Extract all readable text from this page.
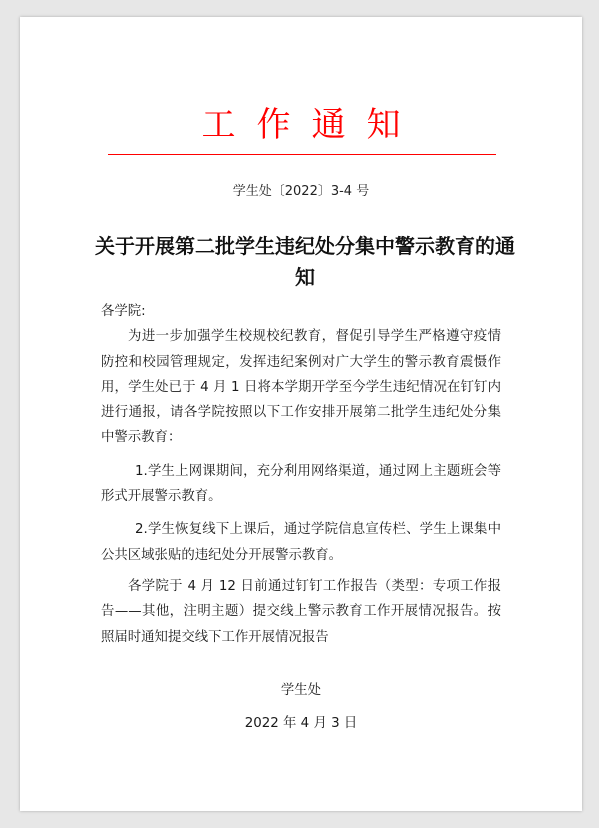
工作通知
学生处〔2022〕3-4 号
关于开展第二批学生违纪处分集中警示教育的通知

各学院:

为进一步加强学生校规校纪教育，督促引导学生严格遵守疫情防控和校园管理规定，发挥违纪案例对广大学生的警示教育震慑作用，学生处已于 4 月 1 日将本学期开学至今学生违纪情况在钉钉内进行通报，请各学院按照以下工作安排开展第二批学生违纪处分集中警示教育：

1.学生上网课期间，充分利用网络渠道，通过网上主题班会等形式开展警示教育。

2.学生恢复线下上课后，通过学院信息宣传栏、学生上课集中公共区域张贴的违纪处分开展警示教育。

各学院于 4 月 12 日前通过钉钉工作报告（类型：专项工作报告——其他，注明主题）提交线上警示教育工作开展情况报告。按照届时通知提交线下工作开展情况报告

学生处
2022 年 4 月 3 日
